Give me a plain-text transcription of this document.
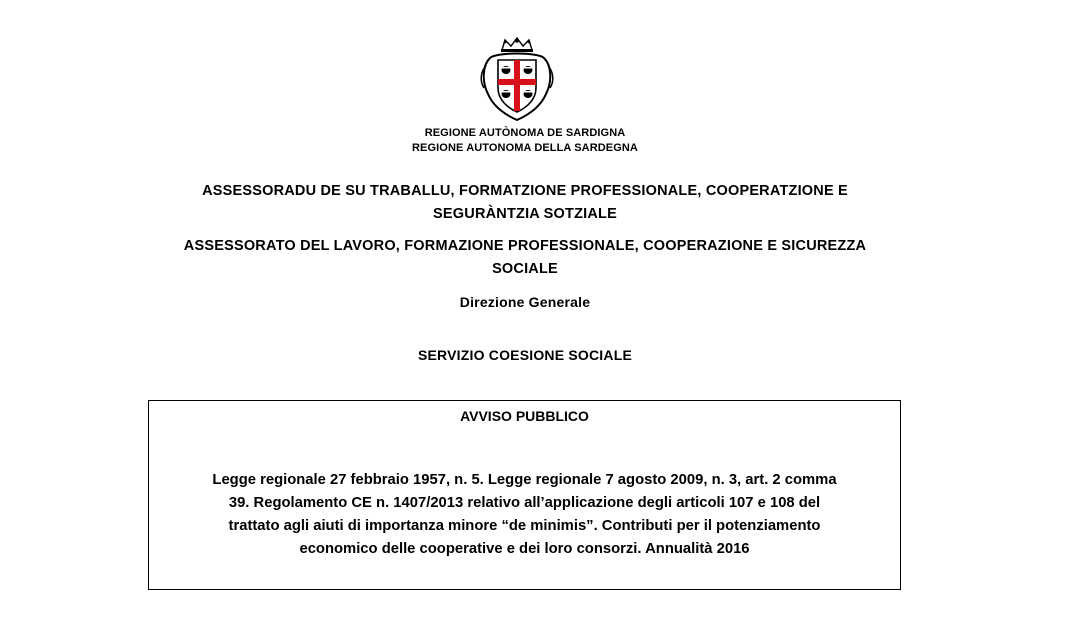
REGIONE AUTÒNOMA DE SARDIGNA
REGIONE AUTONOMA DELLA SARDEGNA
ASSESSORADU DE SU TRABALLU, FORMATZIONE PROFESSIONALE, COOPERATZIONE E
SEGURÀNTZIA SOTZIALE
ASSESSORATO DEL LAVORO, FORMAZIONE PROFESSIONALE, COOPERAZIONE E SICUREZZA
SOCIALE
Direzione Generale
SERVIZIO COESIONE SOCIALE
AVVISO PUBBLICO
Legge regionale 27 febbraio 1957, n. 5. Legge regionale 7 agosto 2009, n. 3, art. 2 comma
39. Regolamento CE n. 1407/2013 relativo all’applicazione degli articoli 107 e 108 del
trattato agli aiuti di importanza minore “de minimis”. Contributi per il potenziamento
economico delle cooperative e dei loro consorzi. Annualità 2016
